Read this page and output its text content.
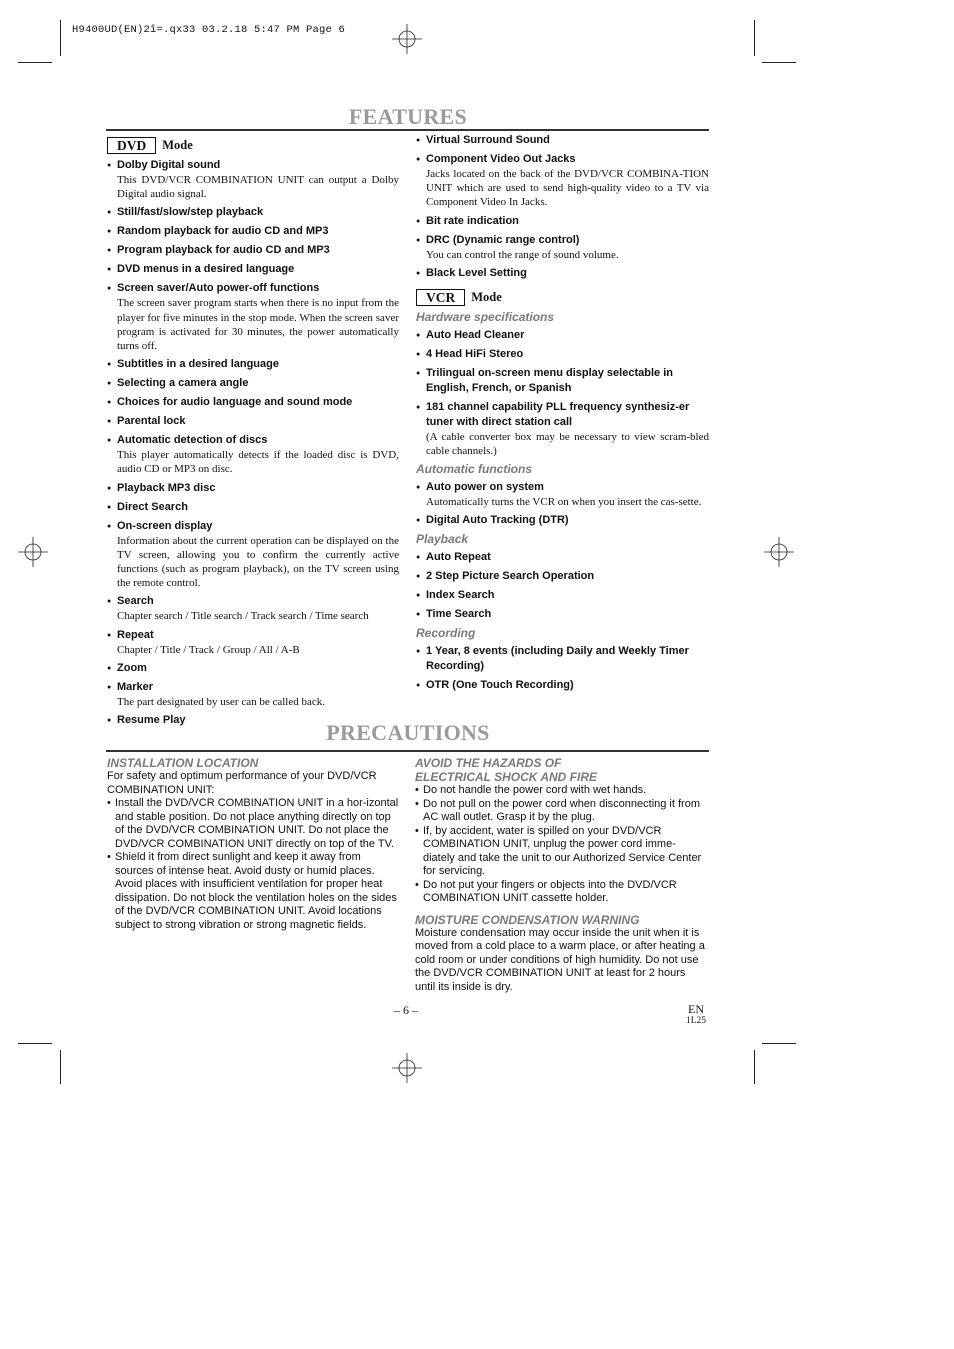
H9400UD(EN)2î=.qx33 03.2.18 5:47 PM Page 6
FEATURES
DVD	Mode
● Dolby Digital sound
This DVD/VCR COMBINATION UNIT can output a Dolby Digital audio signal.
● Still/fast/slow/step playback
● Random playback for audio CD and MP3
● Program playback for audio CD and MP3
● DVD menus in a desired language
● Screen saver/Auto power-off functions
The screen saver program starts when there is no input from the player for five minutes in the stop mode. When the screen saver program is activated for 30 minutes, the power automatically turns off.
● Subtitles in a desired language
● Selecting a camera angle
● Choices for audio language and sound mode
● Parental lock
● Automatic detection of discs
This player automatically detects if the loaded disc is DVD, audio CD or MP3 on disc.
● Playback MP3 disc
● Direct Search
● On-screen display
Information about the current operation can be displayed on the TV screen, allowing you to confirm the currently active functions (such as program playback), on the TV screen using the remote control.
● Search
Chapter search / Title search / Track search / Time search
● Repeat
Chapter / Title / Track / Group / All / A-B
● Zoom
● Marker
The part designated by user can be called back.
● Resume Play
● Virtual Surround Sound
● Component Video Out Jacks
Jacks located on the back of the DVD/VCR COMBINA-TION UNIT which are used to send high-quality video to a TV via Component Video In Jacks.
● Bit rate indication
● DRC (Dynamic range control)
You can control the range of sound volume.
● Black Level Setting
VCR	Mode
Hardware specifications
● Auto Head Cleaner
● 4 Head HiFi Stereo
● Trilingual on-screen menu display selectable in English, French, or Spanish
● 181 channel capability PLL frequency synthesiz-er tuner with direct station call
(A cable converter box may be necessary to view scram-bled cable channels.)
Automatic functions
● Auto power on system
Automatically turns the VCR on when you insert the cas-sette.
● Digital Auto Tracking (DTR)
Playback
● Auto Repeat
● 2 Step Picture Search Operation
● Index Search
● Time Search
Recording
● 1 Year, 8 events (including Daily and Weekly Timer Recording)
● OTR (One Touch Recording)
PRECAUTIONS
INSTALLATION LOCATION

For safety and optimum performance of your DVD/VCR COMBINATION UNIT:

• Install the DVD/VCR COMBINATION UNIT in a hor-izontal and stable position. Do not place anything directly on top of the DVD/VCR COMBINATION UNIT. Do not place the DVD/VCR COMBINATION UNIT directly on top of the TV.

• Shield it from direct sunlight and keep it away from sources of intense heat. Avoid dusty or humid places. Avoid places with insufficient ventilation for proper heat dissipation. Do not block the ventilation holes on the sides of the DVD/VCR COMBINATION UNIT. Avoid locations subject to strong vibration or strong magnetic fields.

AVOID THE HAZARDS OF
ELECTRICAL SHOCK AND FIRE

• Do not handle the power cord with wet hands.

• Do not pull on the power cord when disconnecting it from AC wall outlet. Grasp it by the plug.

• If, by accident, water is spilled on your DVD/VCR COMBINATION UNIT, unplug the power cord imme-diately and take the unit to our Authorized Service Center for servicing.

• Do not put your fingers or objects into the DVD/VCR COMBINATION UNIT cassette holder.

MOISTURE CONDENSATION WARNING

Moisture condensation may occur inside the unit when it is moved from a cold place to a warm place, or after heating a cold room or under conditions of high humidity. Do not use the DVD/VCR COMBINATION UNIT at least for 2 hours until its inside is dry.

– 6 –	EN
1L25
